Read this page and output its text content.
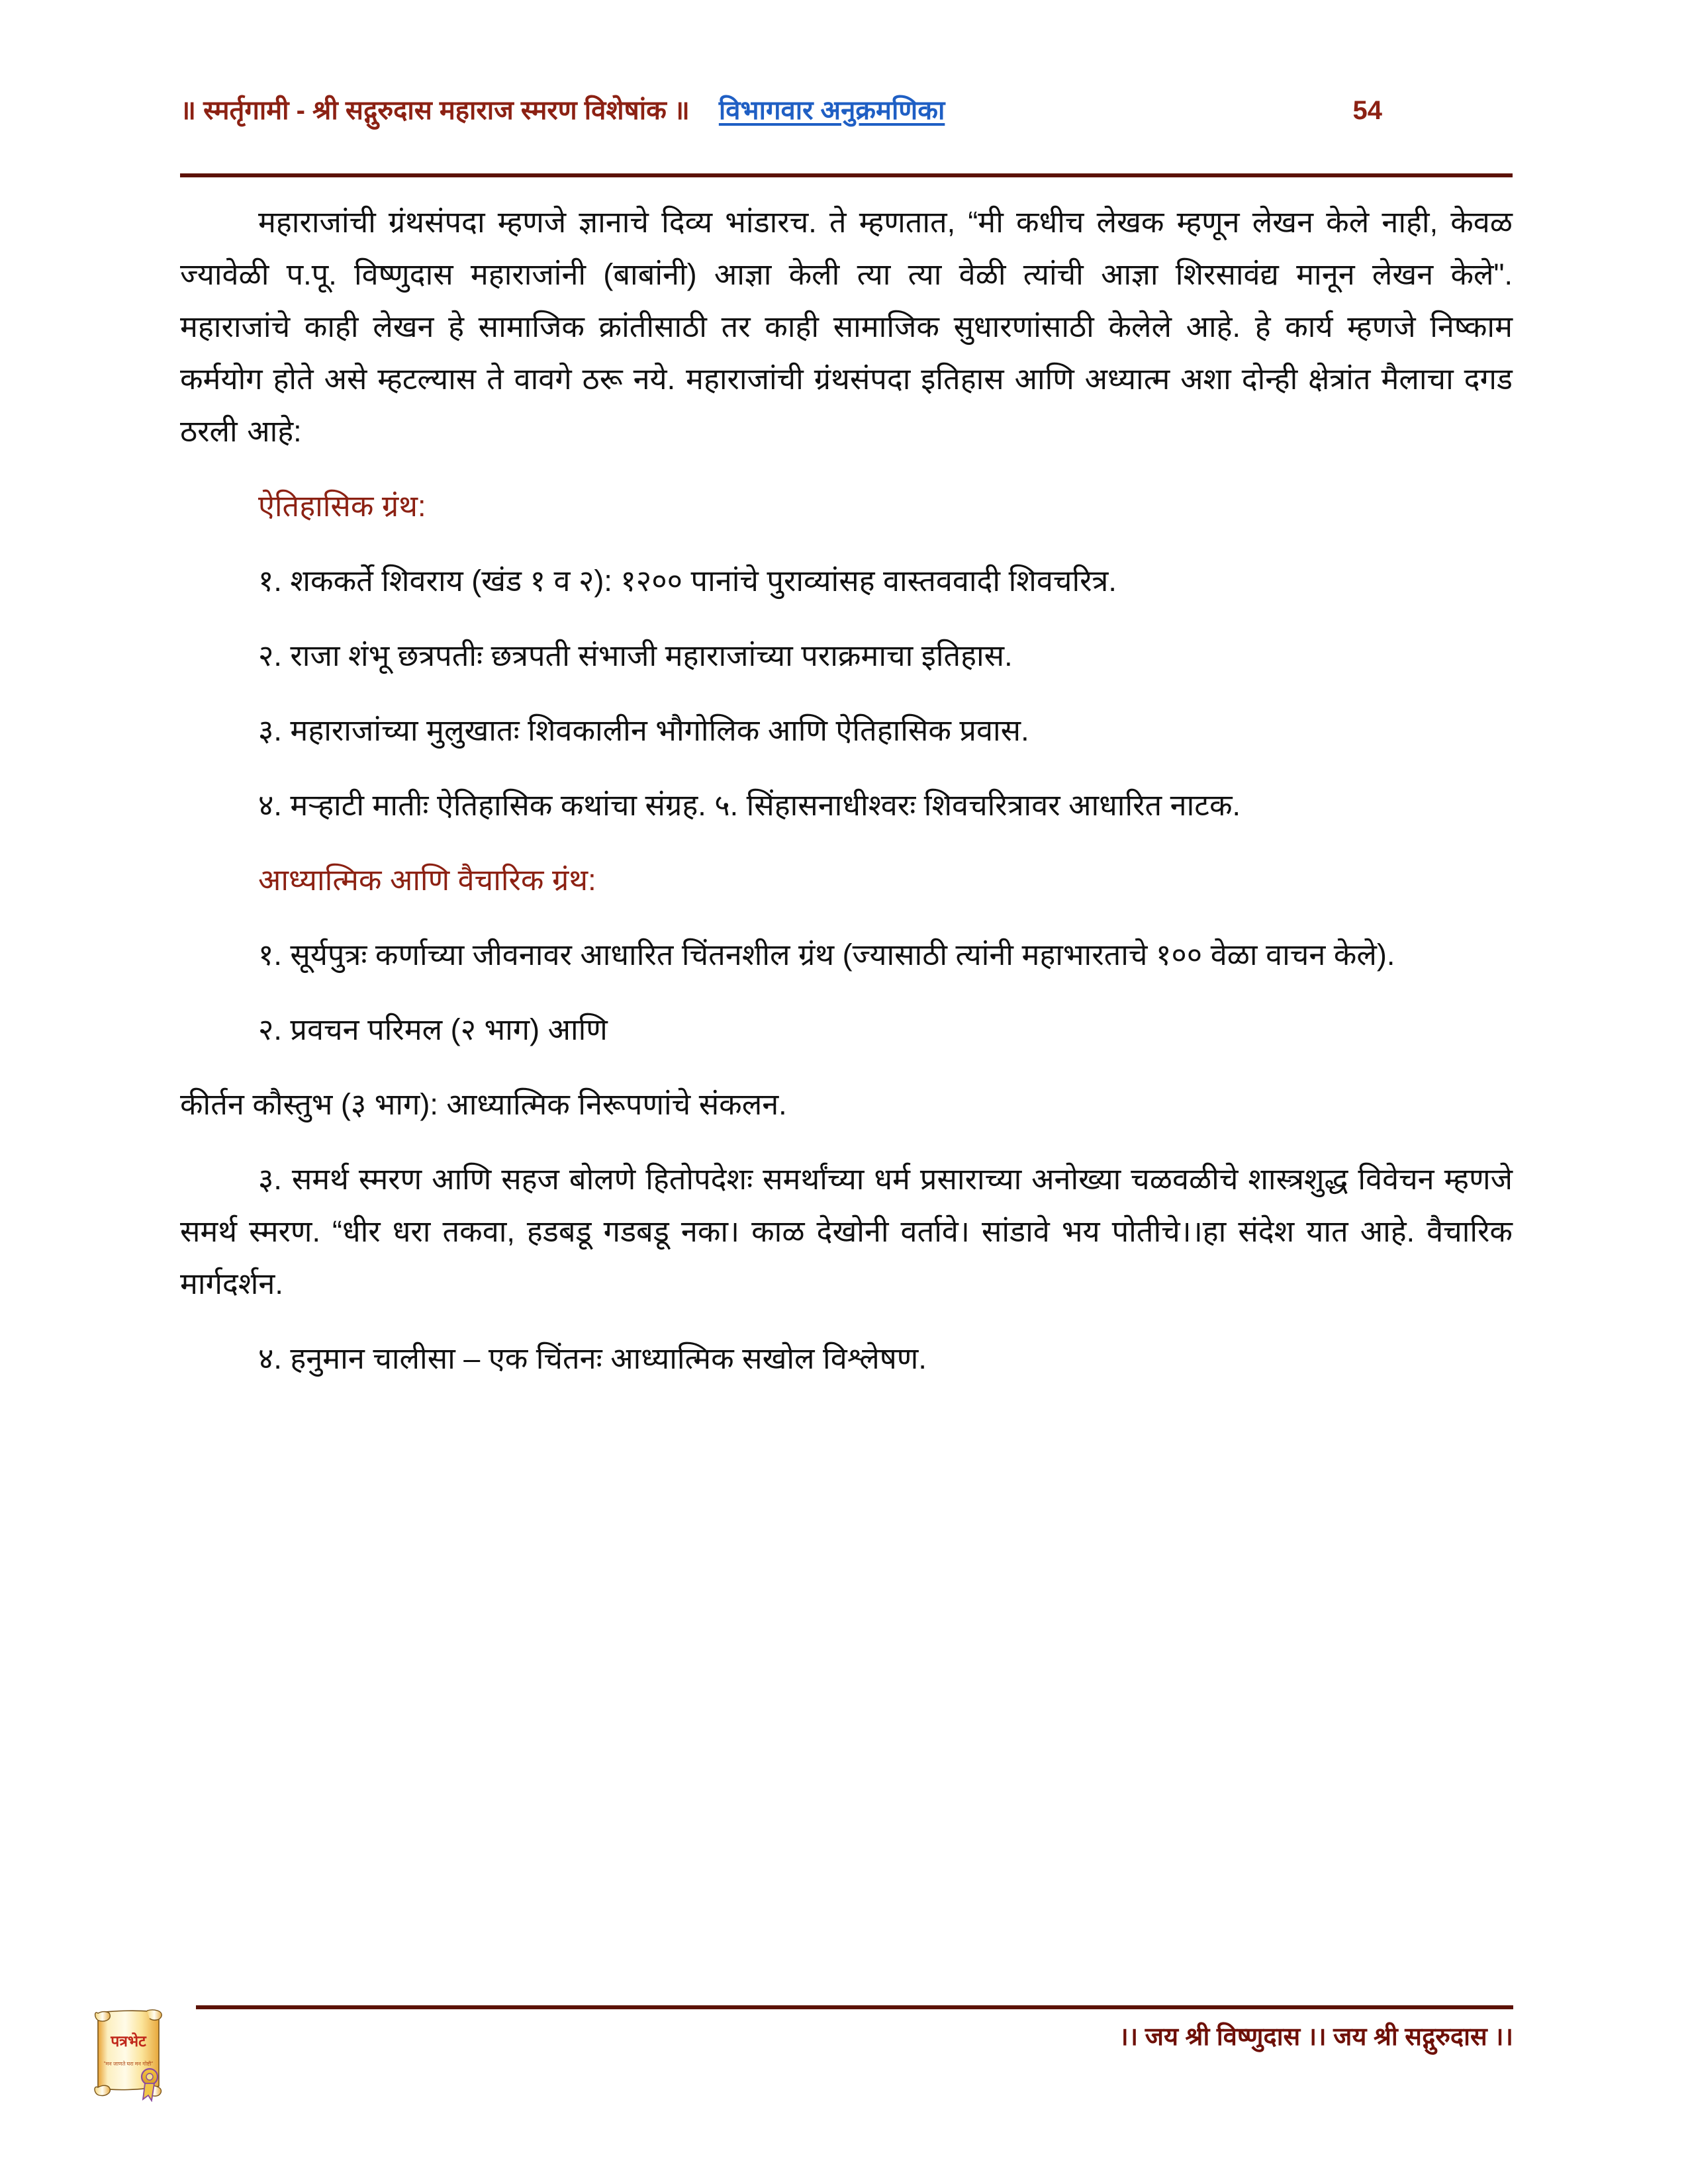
॥ स्मर्तृगामी - श्री सद्गुरुदास महाराज स्मरण विशेषांक ॥ विभागवार अनुक्रमणिका	54

महाराजांची ग्रंथसंपदा म्हणजे ज्ञानाचे दिव्य भांडारच. ते म्हणतात, “मी कधीच लेखक म्हणून लेखन केले नाही, केवळ ज्यावेळी प.पू. विष्णुदास महाराजांनी (बाबांनी) आज्ञा केली त्या त्या वेळी त्यांची आज्ञा शिरसावंद्य मानून लेखन केले". महाराजांचे काही लेखन हे सामाजिक क्रांतीसाठी तर काही सामाजिक सुधारणांसाठी केलेले आहे. हे कार्य म्हणजे निष्काम कर्मयोग होते असे म्हटल्यास ते वावगे ठरू नये. महाराजांची ग्रंथसंपदा इतिहास आणि अध्यात्म अशा दोन्ही क्षेत्रांत मैलाचा दगड ठरली आहे:

ऐतिहासिक ग्रंथ:

१. शककर्ते शिवराय (खंड १ व २): १२०० पानांचे पुराव्यांसह वास्तववादी शिवचरित्र.

२. राजा शंभू छत्रपतीः छत्रपती संभाजी महाराजांच्या पराक्रमाचा इतिहास.

३. महाराजांच्या मुलुखातः शिवकालीन भौगोलिक आणि ऐतिहासिक प्रवास.

४. मऱ्हाटी मातीः ऐतिहासिक कथांचा संग्रह. ५. सिंहासनाधीश्वरः शिवचरित्रावर आधारित नाटक.

आध्यात्मिक आणि वैचारिक ग्रंथ:

१. सूर्यपुत्रः कर्णाच्या जीवनावर आधारित चिंतनशील ग्रंथ (ज्यासाठी त्यांनी महाभारताचे १०० वेळा वाचन केले).

२. प्रवचन परिमल (२ भाग) आणि

कीर्तन कौस्तुभ (३ भाग): आध्यात्मिक निरूपणांचे संकलन.

३. समर्थ स्मरण आणि सहज बोलणे हितोपदेशः समर्थांच्या धर्म प्रसाराच्या अनोख्या चळवळीचे शास्त्रशुद्ध विवेचन म्हणजे समर्थ स्मरण. “धीर धरा तकवा, हडबडू गडबडू नका। काळ देखोनी वर्तावे। सांडावे भय पोतीचे।।हा संदेश यात आहे. वैचारिक मार्गदर्शन.

४. हनुमान चालीसा – एक चिंतनः आध्यात्मिक सखोल विश्लेषण.

।। जय श्री विष्णुदास ।। जय श्री सद्गुरुदास ।।
पत्रभेट
"मन जाणते घरा मन गोष्टी"
